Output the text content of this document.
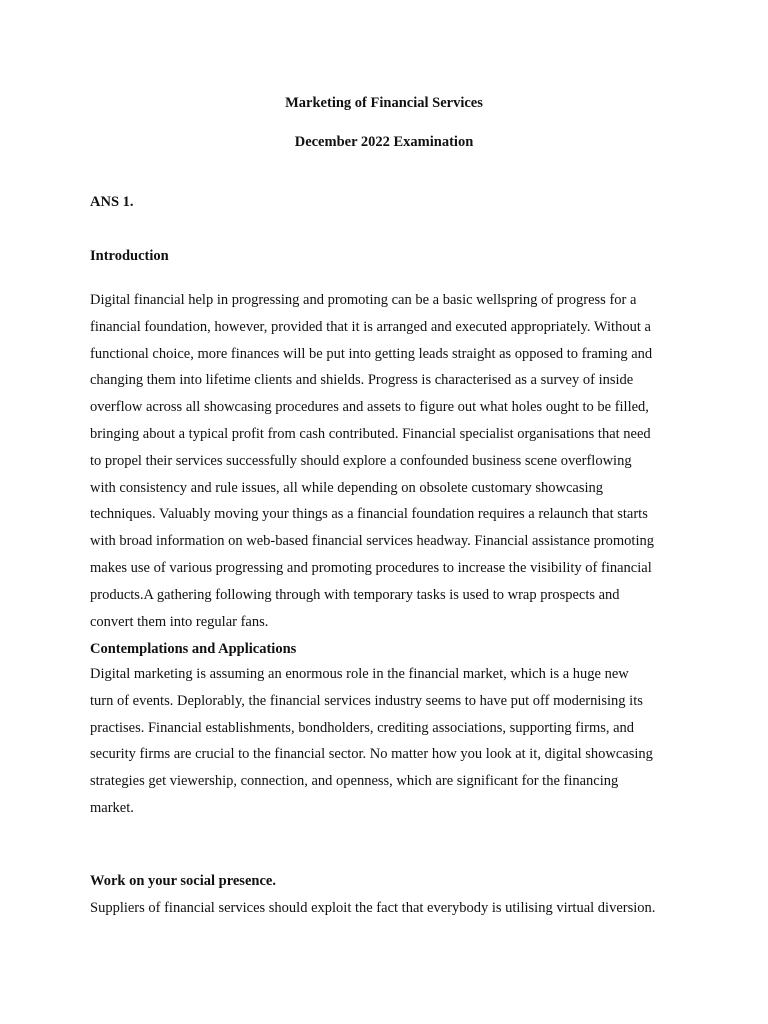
Marketing of Financial Services
December 2022 Examination
ANS 1.
Introduction
Digital financial help in progressing and promoting can be a basic wellspring of progress for a
financial foundation, however, provided that it is arranged and executed appropriately. Without a
functional choice, more finances will be put into getting leads straight as opposed to framing and
changing them into lifetime clients and shields. Progress is characterised as a survey of inside
overflow across all showcasing procedures and assets to figure out what holes ought to be filled,
bringing about a typical profit from cash contributed. Financial specialist organisations that need
to propel their services successfully should explore a confounded business scene overflowing
with consistency and rule issues, all while depending on obsolete customary showcasing
techniques. Valuably moving your things as a financial foundation requires a relaunch that starts
with broad information on web-based financial services headway. Financial assistance promoting
makes use of various progressing and promoting procedures to increase the visibility of financial
products.A gathering following through with temporary tasks is used to wrap prospects and
convert them into regular fans.
Contemplations and Applications
Digital marketing is assuming an enormous role in the financial market, which is a huge new
turn of events. Deplorably, the financial services industry seems to have put off modernising its
practises. Financial establishments, bondholders, crediting associations, supporting firms, and
security firms are crucial to the financial sector. No matter how you look at it, digital showcasing
strategies get viewership, connection, and openness, which are significant for the financing
market.
Work on your social presence.
Suppliers of financial services should exploit the fact that everybody is utilising virtual diversion.
